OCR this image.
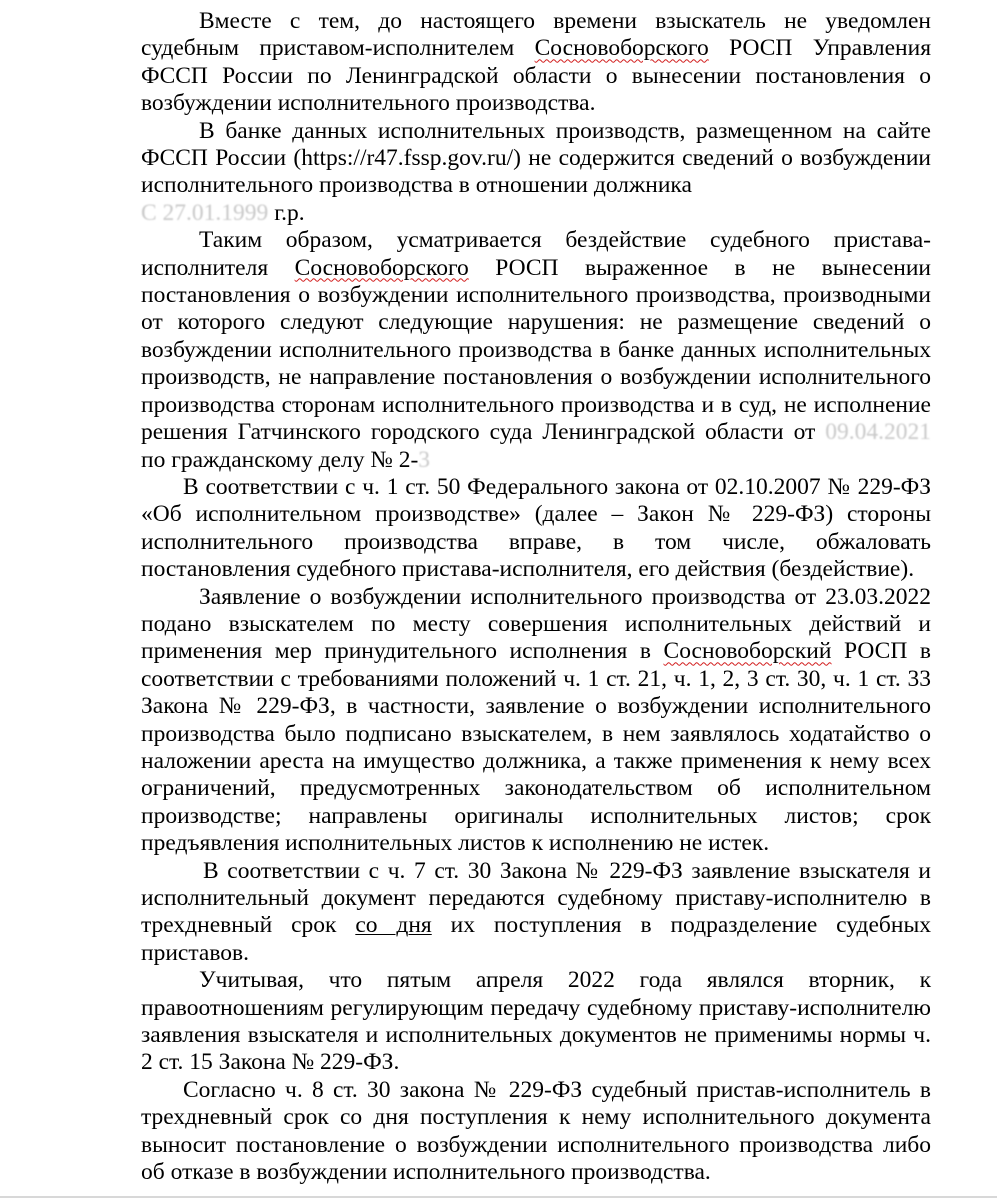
Вместе с тем, до настоящего времени взыскатель не уведомлен судебным приставом-исполнителем Сосновоборского РОСП Управления ФССП России по Ленинградской области о вынесении постановления о возбуждении исполнительного производства.

В банке данных исполнительных производств, размещенном на сайте ФССП России (https://r47.fssp.gov.ru/) не содержится сведений о возбуждении исполнительного производства в отношении должника
С 27.01.1999 г.р.

Таким образом, усматривается бездействие судебного пристава-исполнителя Сосновоборского РОСП выраженное в не вынесении постановления о возбуждении исполнительного производства, производными от которого следуют следующие нарушения: не размещение сведений о возбуждении исполнительного производства в банке данных исполнительных производств, не направление постановления о возбуждении исполнительного производства сторонам исполнительного производства и в суд, не исполнение решения Гатчинского городского суда Ленинградской области от 09.04.2021 по гражданскому делу № 2-3

В соответствии с ч. 1 ст. 50 Федерального закона от 02.10.2007 № 229-ФЗ «Об исполнительном производстве» (далее – Закон № 229-ФЗ) стороны исполнительного производства вправе, в том числе, обжаловать постановления судебного пристава-исполнителя, его действия (бездействие).

Заявление о возбуждении исполнительного производства от 23.03.2022 подано взыскателем по месту совершения исполнительных действий и применения мер принудительного исполнения в Сосновоборский РОСП в соответствии с требованиями положений ч. 1 ст. 21, ч. 1, 2, 3 ст. 30, ч. 1 ст. 33 Закона № 229-ФЗ, в частности, заявление о возбуждении исполнительного производства было подписано взыскателем, в нем заявлялось ходатайство о наложении ареста на имущество должника, а также применения к нему всех ограничений, предусмотренных законодательством об исполнительном производстве; направлены оригиналы исполнительных листов; срок предъявления исполнительных листов к исполнению не истек.

В соответствии с ч. 7 ст. 30 Закона № 229-ФЗ заявление взыскателя и исполнительный документ передаются судебному приставу-исполнителю в трехдневный срок со дня их поступления в подразделение судебных приставов.

Учитывая, что пятым апреля 2022 года являлся вторник, к правоотношениям регулирующим передачу судебному приставу-исполнителю заявления взыскателя и исполнительных документов не применимы нормы ч. 2 ст. 15 Закона № 229-ФЗ.

Согласно ч. 8 ст. 30 закона № 229-ФЗ судебный пристав-исполнитель в трехдневный срок со дня поступления к нему исполнительного документа выносит постановление о возбуждении исполнительного производства либо об отказе в возбуждении исполнительного производства.
